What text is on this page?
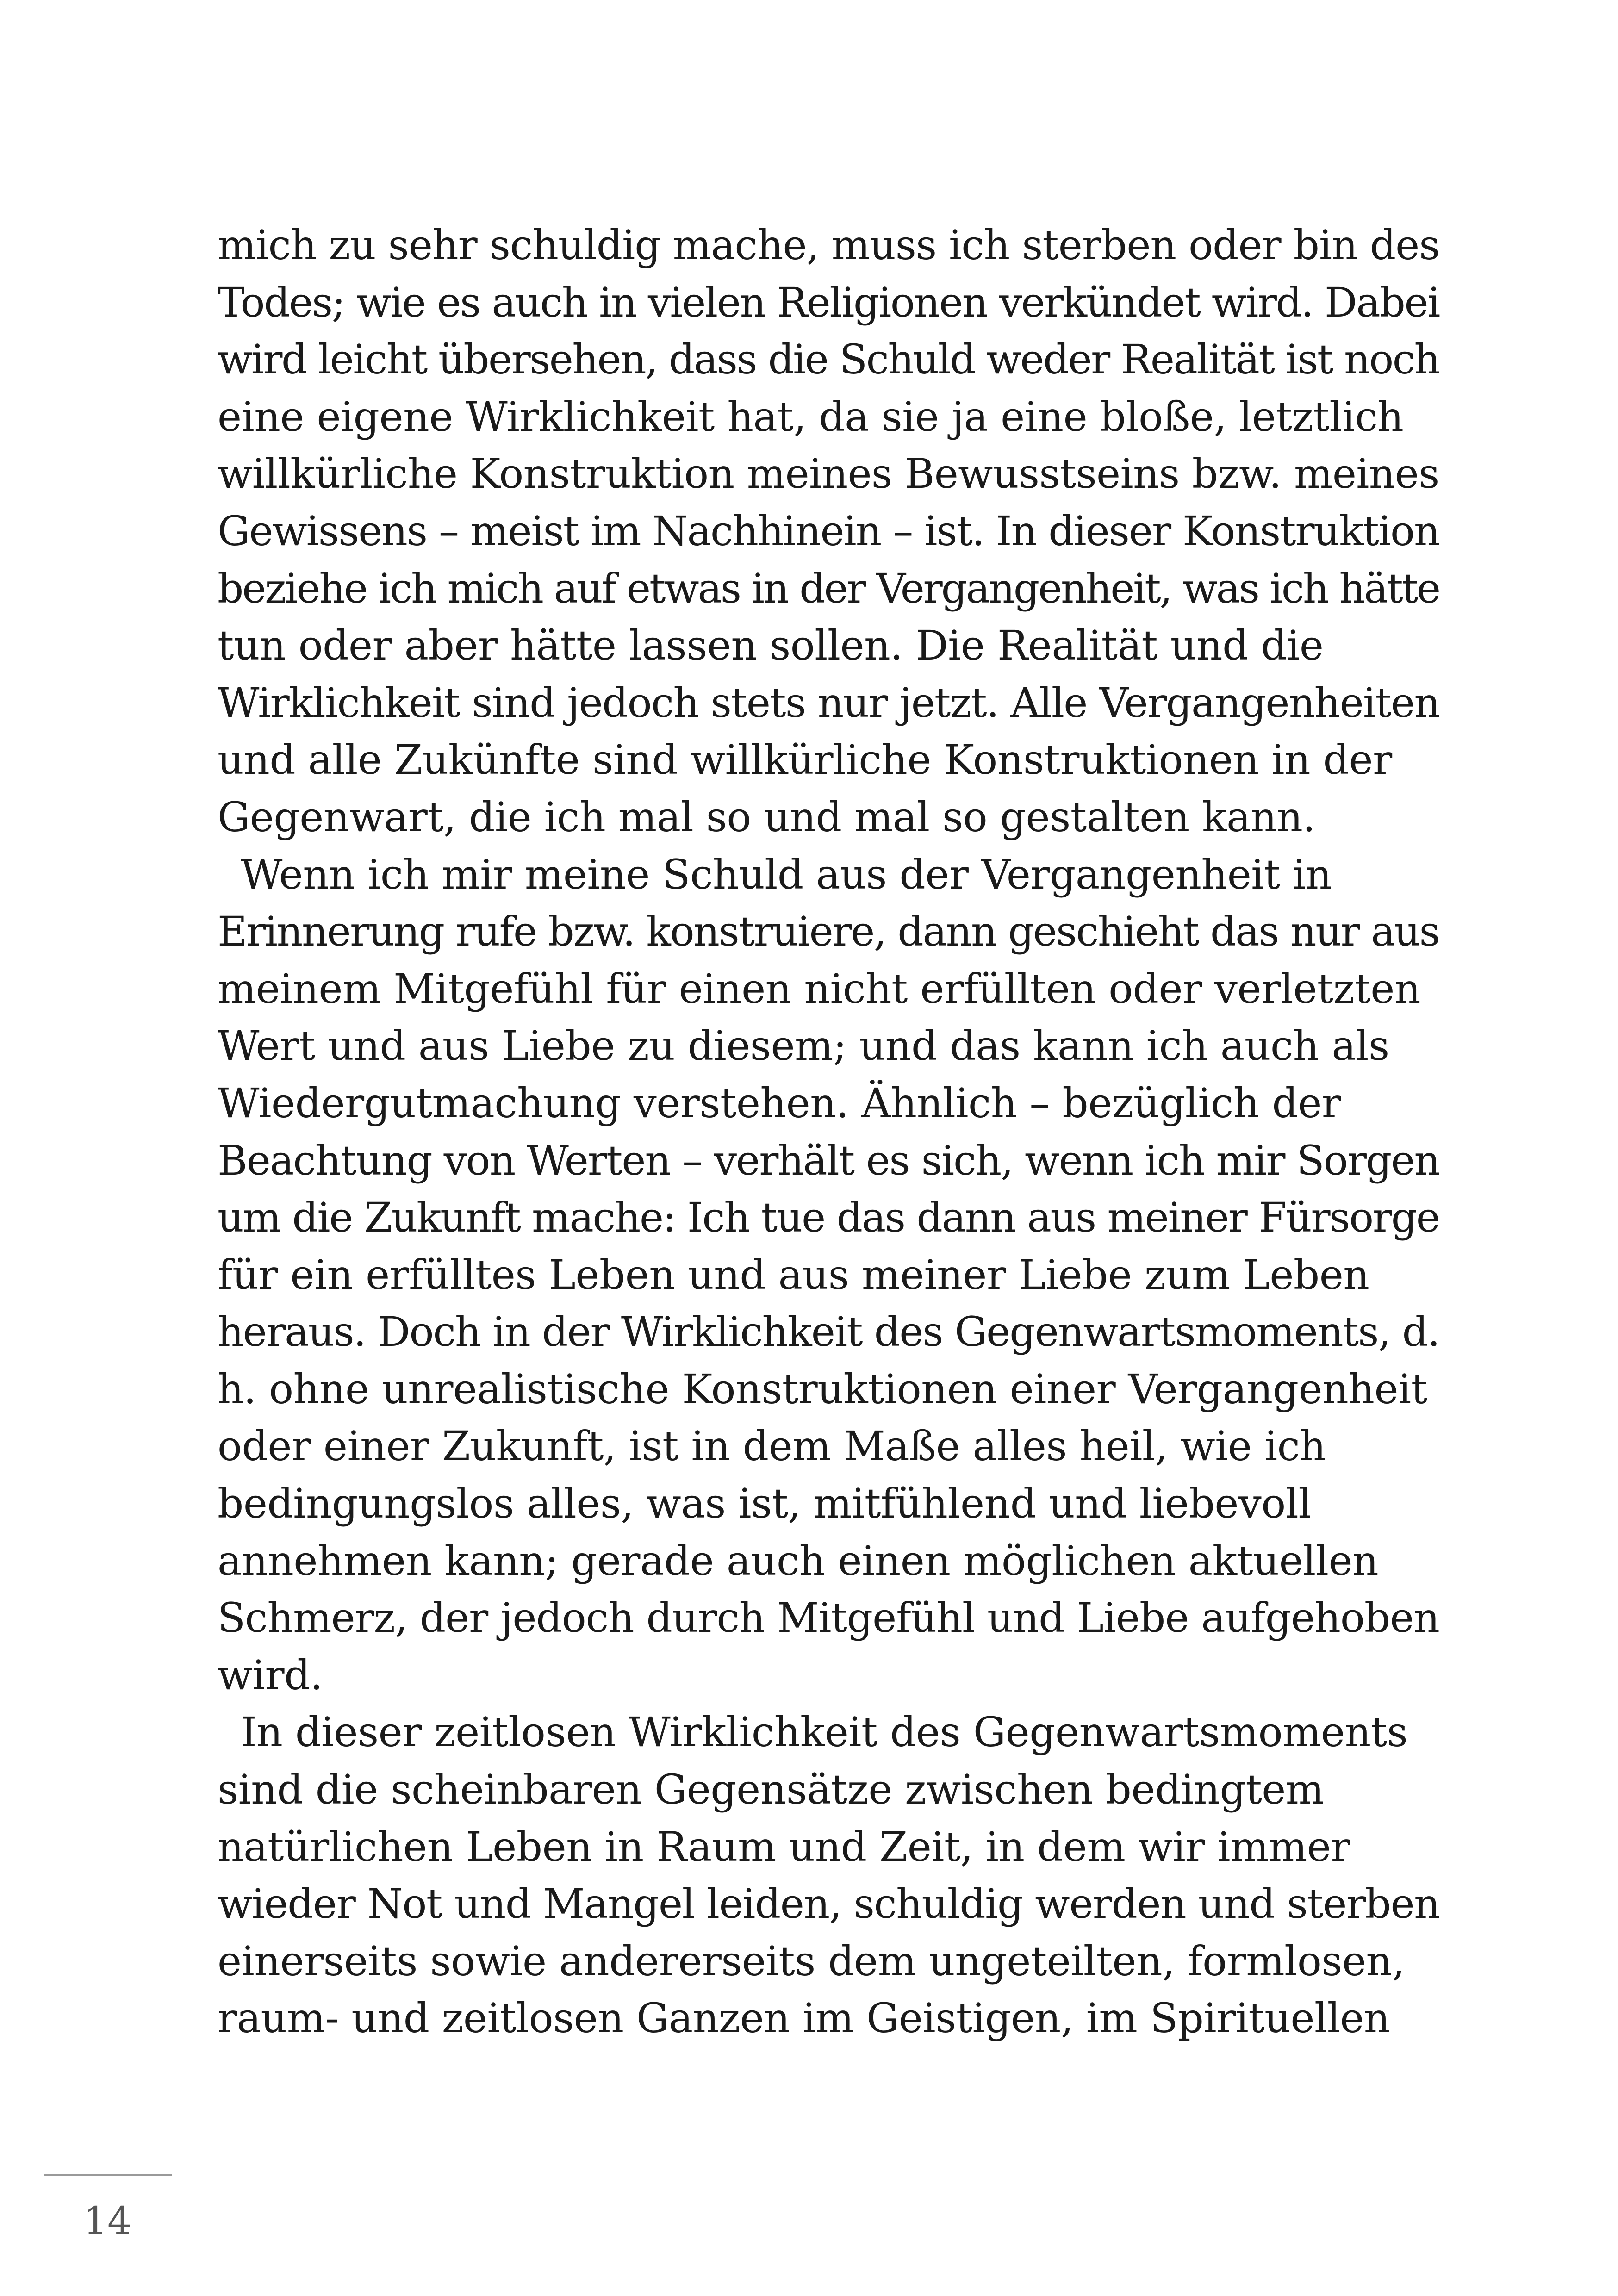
mich zu sehr schuldig mache, muss ich sterben oder bin des
Todes; wie es auch in vielen Religionen verkündet wird. Dabei
wird leicht übersehen, dass die Schuld weder Realität ist noch
eine eigene Wirklichkeit hat, da sie ja eine bloße, letztlich
willkürliche Konstruktion meines Bewusstseins bzw. meines
Gewissens – meist im Nachhinein – ist. In dieser Konstruktion
beziehe ich mich auf etwas in der Vergangenheit, was ich hätte
tun oder aber hätte lassen sollen. Die Realität und die
Wirklichkeit sind jedoch stets nur jetzt. Alle Vergangenheiten
und alle Zukünfte sind willkürliche Konstruktionen in der
Gegenwart, die ich mal so und mal so gestalten kann.
Wenn ich mir meine Schuld aus der Vergangenheit in
Erinnerung rufe bzw. konstruiere, dann geschieht das nur aus
meinem Mitgefühl für einen nicht erfüllten oder verletzten
Wert und aus Liebe zu diesem; und das kann ich auch als
Wiedergutmachung verstehen. Ähnlich – bezüglich der
Beachtung von Werten – verhält es sich, wenn ich mir Sorgen
um die Zukunft mache: Ich tue das dann aus meiner Fürsorge
für ein erfülltes Leben und aus meiner Liebe zum Leben
heraus. Doch in der Wirklichkeit des Gegenwartsmoments, d.
h. ohne unrealistische Konstruktionen einer Vergangenheit
oder einer Zukunft, ist in dem Maße alles heil, wie ich
bedingungslos alles, was ist, mitfühlend und liebevoll
annehmen kann; gerade auch einen möglichen aktuellen
Schmerz, der jedoch durch Mitgefühl und Liebe aufgehoben
wird.
In dieser zeitlosen Wirklichkeit des Gegenwartsmoments
sind die scheinbaren Gegensätze zwischen bedingtem
natürlichen Leben in Raum und Zeit, in dem wir immer
wieder Not und Mangel leiden, schuldig werden und sterben
einerseits sowie andererseits dem ungeteilten, formlosen,
raum- und zeitlosen Ganzen im Geistigen, im Spirituellen
14
